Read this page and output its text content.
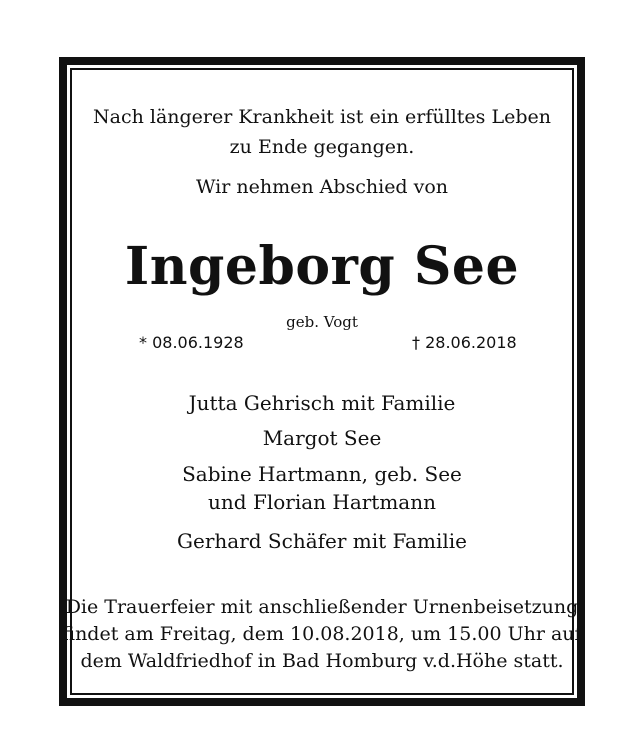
Nach längerer Krankheit ist ein erfülltes Leben
zu Ende gegangen.
Wir nehmen Abschied von
Ingeborg See
geb. Vogt
* 08.06.1928	† 28.06.2018
Jutta Gehrisch mit Familie
Margot See
Sabine Hartmann, geb. See
und Florian Hartmann
Gerhard Schäfer mit Familie
Die Trauerfeier mit anschließender Urnenbeisetzung
findet am Freitag, dem 10.08.2018, um 15.00 Uhr auf
dem Waldfriedhof in Bad Homburg v.d.Höhe statt.
